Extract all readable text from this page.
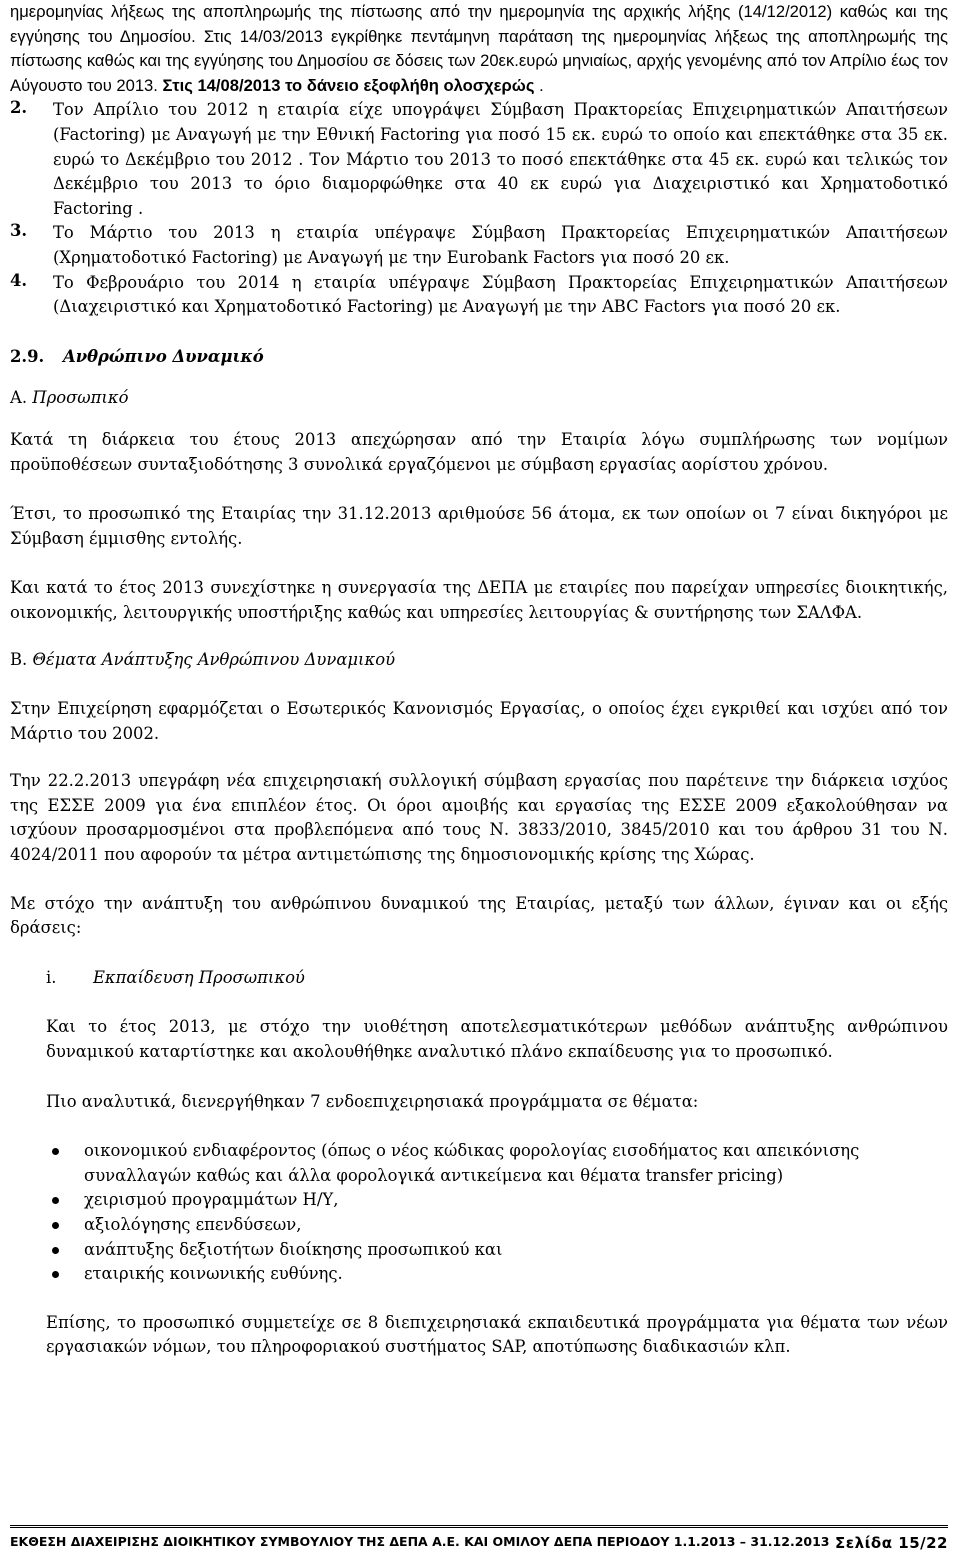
ημερομηνίας λήξεως της αποπληρωμής της πίστωσης από την ημερομηνία της αρχικής λήξης (14/12/2012) καθώς και της εγγύησης του Δημοσίου. Στις 14/03/2013 εγκρίθηκε πεντάμηνη παράταση της ημερομηνίας λήξεως της αποπληρωμής της πίστωσης καθώς και της εγγύησης του Δημοσίου σε δόσεις των 20εκ.ευρώ μηνιαίως, αρχής γενομένης από τον Απρίλιο έως τον Αύγουστο του 2013. Στις 14/08/2013 το δάνειο εξοφλήθη ολοσχερώς .

2.	Τον Απρίλιο του 2012 η εταιρία είχε υπογράψει Σύμβαση Πρακτορείας Επιχειρηματικών Απαιτήσεων (Factoring) με Αναγωγή με την Εθνική Factoring για ποσό 15 εκ. ευρώ το οποίο και επεκτάθηκε στα 35 εκ. ευρώ το Δεκέμβριο του 2012 . Τον Μάρτιο του 2013 το ποσό επεκτάθηκε στα 45 εκ. ευρώ και τελικώς τον Δεκέμβριο του 2013 το όριο διαμορφώθηκε στα 40 εκ ευρώ για Διαχειριστικό και Χρηματοδοτικό Factoring .

3.	Το Μάρτιο του 2013 η εταιρία υπέγραψε Σύμβαση Πρακτορείας Επιχειρηματικών Απαιτήσεων (Χρηματοδοτικό Factoring) με Αναγωγή με την Eurobank Factors για ποσό 20 εκ.

4.	Το Φεβρουάριο του 2014 η εταιρία υπέγραψε Σύμβαση Πρακτορείας Επιχειρηματικών Απαιτήσεων (Διαχειριστικό και Χρηματοδοτικό Factoring) με Αναγωγή με την ABC Factors για ποσό 20 εκ.

2.9.	Ανθρώπινο Δυναμικό

Α. Προσωπικό

Κατά τη διάρκεια του έτους 2013 απεχώρησαν από την Εταιρία λόγω συμπλήρωσης των νομίμων προϋποθέσεων συνταξιοδότησης 3 συνολικά εργαζόμενοι με σύμβαση εργασίας αορίστου χρόνου.

Έτσι, το προσωπικό της Εταιρίας την 31.12.2013 αριθμούσε 56 άτομα, εκ των οποίων οι 7 είναι δικηγόροι με Σύμβαση έμμισθης εντολής.

Και κατά το έτος 2013 συνεχίστηκε η συνεργασία της ΔΕΠΑ με εταιρίες που παρείχαν υπηρεσίες διοικητικής, οικονομικής, λειτουργικής υποστήριξης καθώς και υπηρεσίες λειτουργίας & συντήρησης των ΣΑΛΦΑ.

Β. Θέματα Ανάπτυξης Ανθρώπινου Δυναμικού

Στην Επιχείρηση εφαρμόζεται ο Εσωτερικός Κανονισμός Εργασίας, ο οποίος έχει εγκριθεί και ισχύει από τον Μάρτιο του 2002.

Την 22.2.2013 υπεγράφη νέα επιχειρησιακή συλλογική σύμβαση εργασίας που παρέτεινε την διάρκεια ισχύος της ΕΣΣΕ 2009 για ένα επιπλέον έτος. Οι όροι αμοιβής και εργασίας της ΕΣΣΕ 2009 εξακολούθησαν να ισχύουν προσαρμοσμένοι στα προβλεπόμενα από τους Ν. 3833/2010, 3845/2010 και του άρθρου 31 του Ν. 4024/2011 που αφορούν τα μέτρα αντιμετώπισης της δημοσιονομικής κρίσης της Χώρας.

Με στόχο την ανάπτυξη του ανθρώπινου δυναμικού της Εταιρίας, μεταξύ των άλλων, έγιναν και οι εξής δράσεις:

i. Εκπαίδευση Προσωπικού

Και το έτος 2013, με στόχο την υιοθέτηση αποτελεσματικότερων μεθόδων ανάπτυξης ανθρώπινου δυναμικού καταρτίστηκε και ακολουθήθηκε αναλυτικό πλάνο εκπαίδευσης για το προσωπικό.

Πιο αναλυτικά, διενεργήθηκαν 7 ενδοεπιχειρησιακά προγράμματα σε θέματα:

οικονομικού ενδιαφέροντος (όπως ο νέος κώδικας φορολογίας εισοδήματος και απεικόνισης συναλλαγών καθώς και άλλα φορολογικά αντικείμενα και θέματα transfer pricing)
χειρισμού προγραμμάτων Η/Υ,
αξιολόγησης επενδύσεων,
ανάπτυξης δεξιοτήτων διοίκησης προσωπικού και
εταιρικής κοινωνικής ευθύνης.

Επίσης, το προσωπικό συμμετείχε σε 8 διεπιχειρησιακά εκπαιδευτικά προγράμματα για θέματα των νέων εργασιακών νόμων, του πληροφοριακού συστήματος SAP, αποτύπωσης διαδικασιών κλπ.

ΕΚΘΕΣΗ ΔΙΑΧΕΙΡΙΣΗΣ ΔΙΟΙΚΗΤΙΚΟΥ ΣΥΜΒΟΥΛΙΟΥ ΤΗΣ ΔΕΠΑ Α.Ε. ΚΑΙ ΟΜΙΛΟΥ ΔΕΠΑ ΠΕΡΙΟΔΟΥ 1.1.2013 – 31.12.2013 Σελίδα 15/22
